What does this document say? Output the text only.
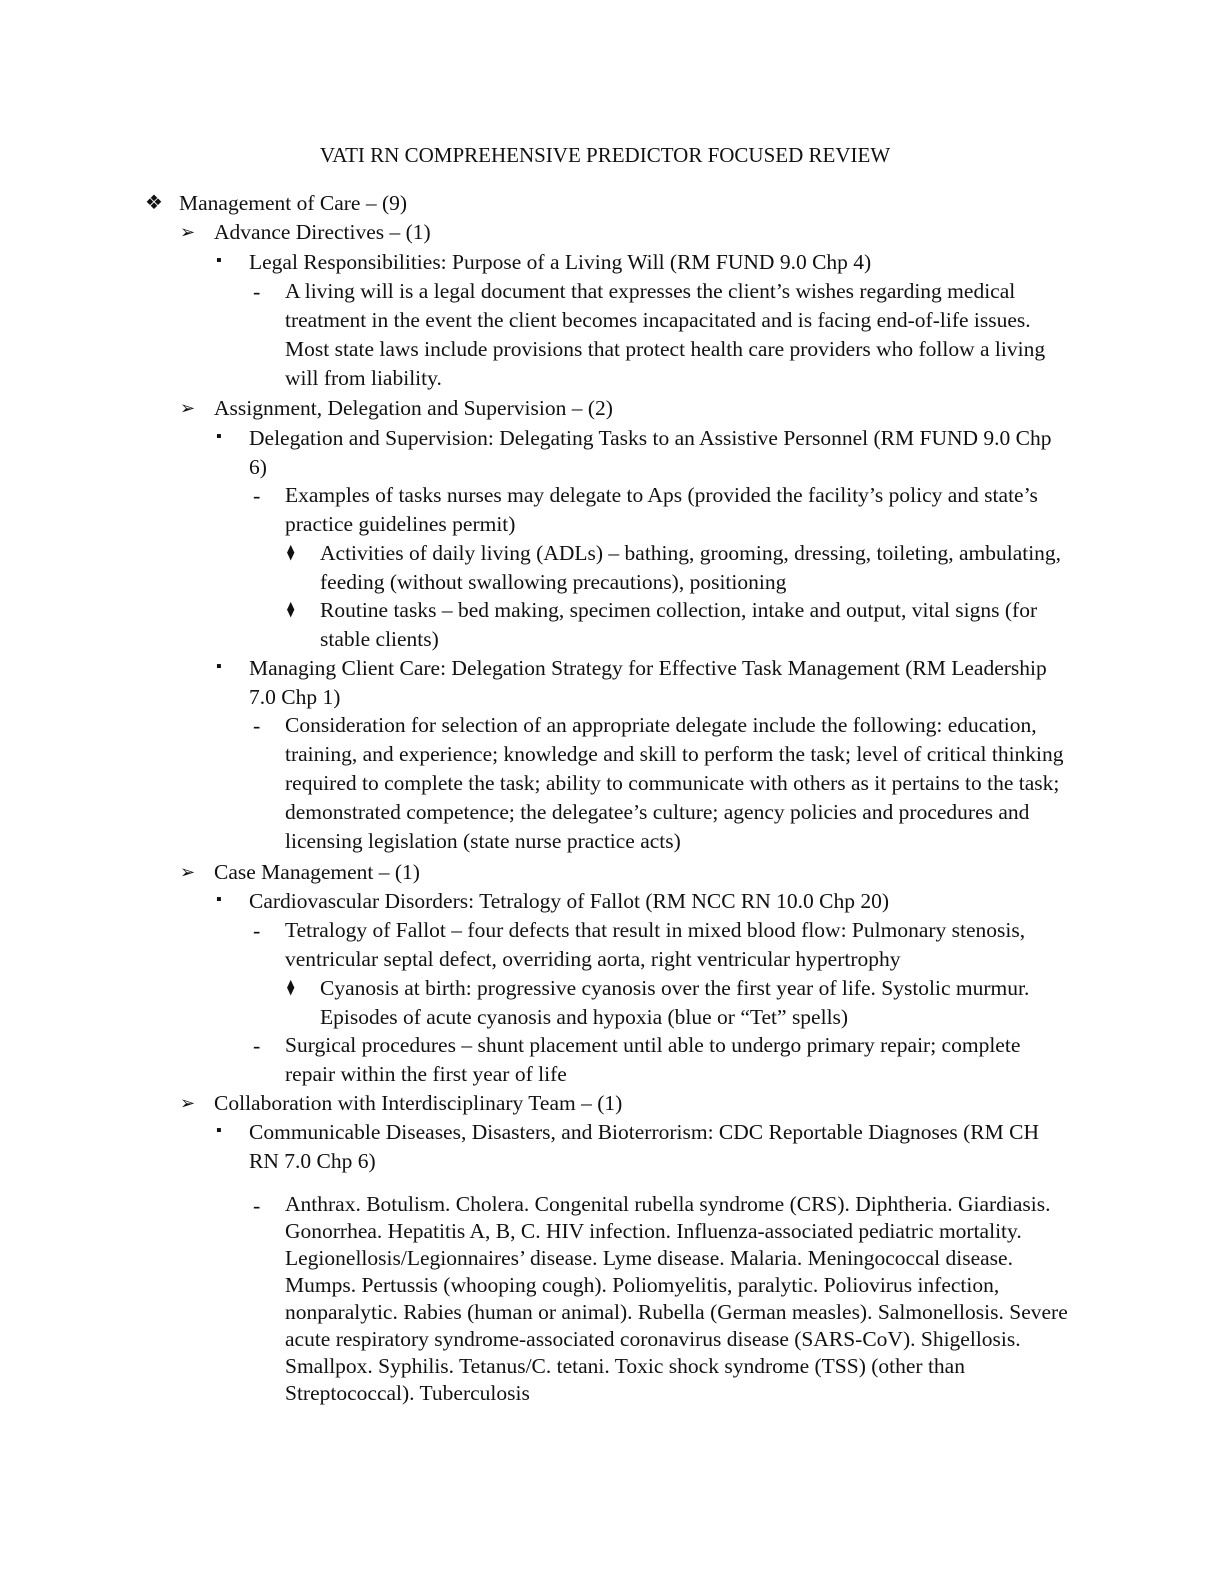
VATI RN COMPREHENSIVE PREDICTOR FOCUSED REVIEW
❖ Management of Care – (9)
➢ Advance Directives – (1)
▪ Legal Responsibilities: Purpose of a Living Will (RM FUND 9.0 Chp 4)
- A living will is a legal document that expresses the client’s wishes regarding medical treatment in the event the client becomes incapacitated and is facing end-of-life issues. Most state laws include provisions that protect health care providers who follow a living will from liability.
➢ Assignment, Delegation and Supervision – (2)
▪ Delegation and Supervision: Delegating Tasks to an Assistive Personnel (RM FUND 9.0 Chp 6)
- Examples of tasks nurses may delegate to Aps (provided the facility’s policy and state’s practice guidelines permit)
⧫ Activities of daily living (ADLs) – bathing, grooming, dressing, toileting, ambulating, feeding (without swallowing precautions), positioning
⧫ Routine tasks – bed making, specimen collection, intake and output, vital signs (for stable clients)
▪ Managing Client Care: Delegation Strategy for Effective Task Management (RM Leadership 7.0 Chp 1)
- Consideration for selection of an appropriate delegate include the following: education, training, and experience; knowledge and skill to perform the task; level of critical thinking required to complete the task; ability to communicate with others as it pertains to the task; demonstrated competence; the delegatee’s culture; agency policies and procedures and licensing legislation (state nurse practice acts)
➢ Case Management – (1)
▪ Cardiovascular Disorders: Tetralogy of Fallot (RM NCC RN 10.0 Chp 20)
- Tetralogy of Fallot – four defects that result in mixed blood flow: Pulmonary stenosis, ventricular septal defect, overriding aorta, right ventricular hypertrophy
⧫ Cyanosis at birth: progressive cyanosis over the first year of life. Systolic murmur. Episodes of acute cyanosis and hypoxia (blue or “Tet” spells)
- Surgical procedures – shunt placement until able to undergo primary repair; complete repair within the first year of life
➢ Collaboration with Interdisciplinary Team – (1)
▪ Communicable Diseases, Disasters, and Bioterrorism: CDC Reportable Diagnoses (RM CH RN 7.0 Chp 6)
- Anthrax. Botulism. Cholera. Congenital rubella syndrome (CRS). Diphtheria. Giardiasis. Gonorrhea. Hepatitis A, B, C. HIV infection. Influenza-associated pediatric mortality. Legionellosis/Legionnaires’ disease. Lyme disease. Malaria. Meningococcal disease. Mumps. Pertussis (whooping cough). Poliomyelitis, paralytic. Poliovirus infection, nonparalytic. Rabies (human or animal). Rubella (German measles). Salmonellosis. Severe acute respiratory syndrome-associated coronavirus disease (SARS-CoV). Shigellosis. Smallpox. Syphilis. Tetanus/C. tetani. Toxic shock syndrome (TSS) (other than Streptococcal). Tuberculosis
